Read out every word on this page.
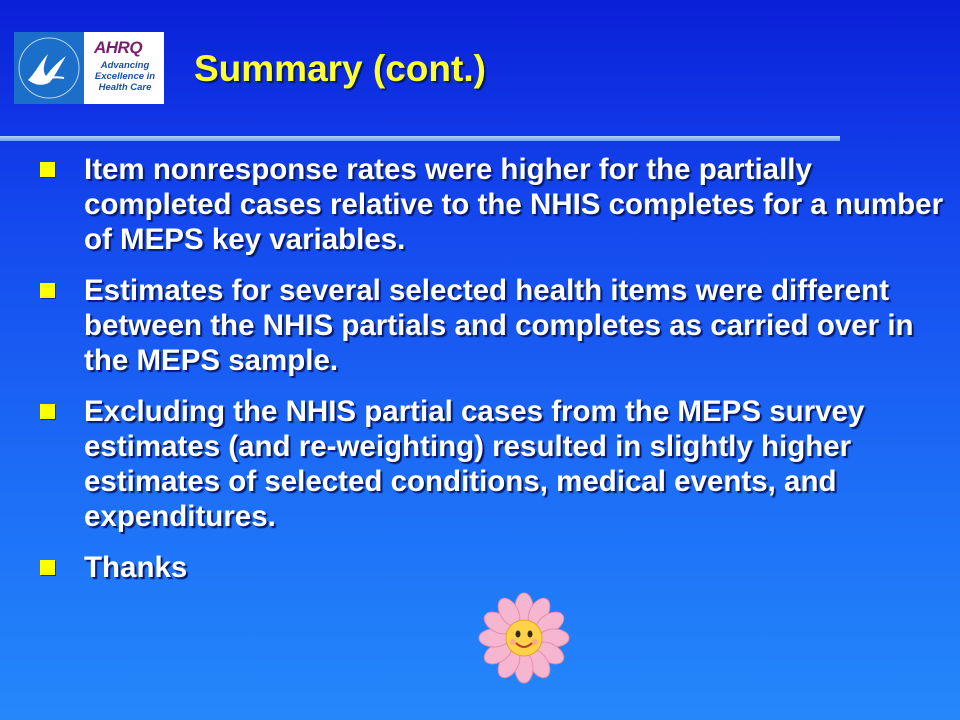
AHRQ
Advancing
Excellence in
Health Care Summary (cont.)
Item nonresponse rates were higher for the partially completed cases relative to the NHIS completes for a number of MEPS key variables.
Estimates for several selected health items were different between the NHIS partials and completes as carried over in the MEPS sample.
Excluding the NHIS partial cases from the MEPS survey estimates (and re-weighting) resulted in slightly higher estimates of selected conditions, medical events, and expenditures.
Thanks
